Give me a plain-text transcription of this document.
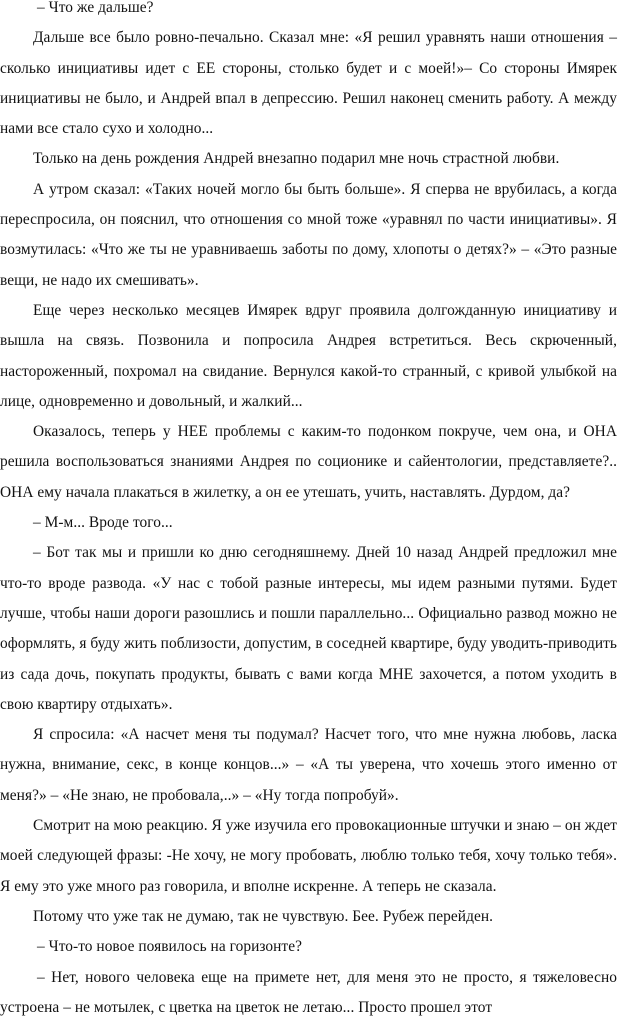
– Что же дальше?

Дальше все было ровно-печально. Сказал мне: «Я решил уравнять наши отношения – сколько инициативы идет с ЕЕ стороны, столько будет и с моей!»– Со стороны Имярек инициативы не было, и Андрей впал в депрессию. Решил наконец сменить работу. А между нами все стало сухо и холодно...

Только на день рождения Андрей внезапно подарил мне ночь страстной любви.

А утром сказал: «Таких ночей могло бы быть больше». Я сперва не врубилась, а когда переспросила, он пояснил, что отношения со мной тоже «уравнял по части инициативы». Я возмутилась: «Что же ты не уравниваешь заботы по дому, хлопоты о детях?» – «Это разные вещи, не надо их смешивать».

Еще через несколько месяцев Имярек вдруг проявила долгожданную инициативу и вышла на связь. Позвонила и попросила Андрея встретиться. Весь скрюченный, настороженный, похромал на свидание. Вернулся какой-то странный, с кривой улыбкой на лице, одновременно и довольный, и жалкий...

Оказалось, теперь у НЕЕ проблемы с каким-то подонком покруче, чем она, и ОНА решила воспользоваться знаниями Андрея по соционике и сайентологии, представляете?.. ОНА ему начала плакаться в жилетку, а он ее утешать, учить, наставлять. Дурдом, да?

– М-м... Вроде того...

– Бот так мы и пришли ко дню сегодняшнему. Дней 10 назад Андрей предложил мне что-то вроде развода. «У нас с тобой разные интересы, мы идем разными путями. Будет лучше, чтобы наши дороги разошлись и пошли параллельно... Официально развод можно не оформлять, я буду жить поблизости, допустим, в соседней квартире, буду уводить-приводить из сада дочь, покупать продукты, бывать с вами когда МНЕ захочется, а потом уходить в свою квартиру отдыхать».

Я спросила: «А насчет меня ты подумал? Насчет того, что мне нужна любовь, ласка нужна, внимание, секс, в конце концов...» – «А ты уверена, что хочешь этого именно от меня?» – «Не знаю, не пробовала,..» – «Ну тогда попробуй».

Смотрит на мою реакцию. Я уже изучила его провокационные штучки и знаю – он ждет моей следующей фразы: -Не хочу, не могу пробовать, люблю только тебя, хочу только тебя». Я ему это уже много раз говорила, и вполне искренне. А теперь не сказала.

Потому что уже так не думаю, так не чувствую. Бее. Рубеж перейден.

– Что-то новое появилось на горизонте?

– Нет, нового человека еще на примете нет, для меня это не просто, я тяжеловесно устроена – не мотылек, с цветка на цветок не летаю... Просто прошел этот
